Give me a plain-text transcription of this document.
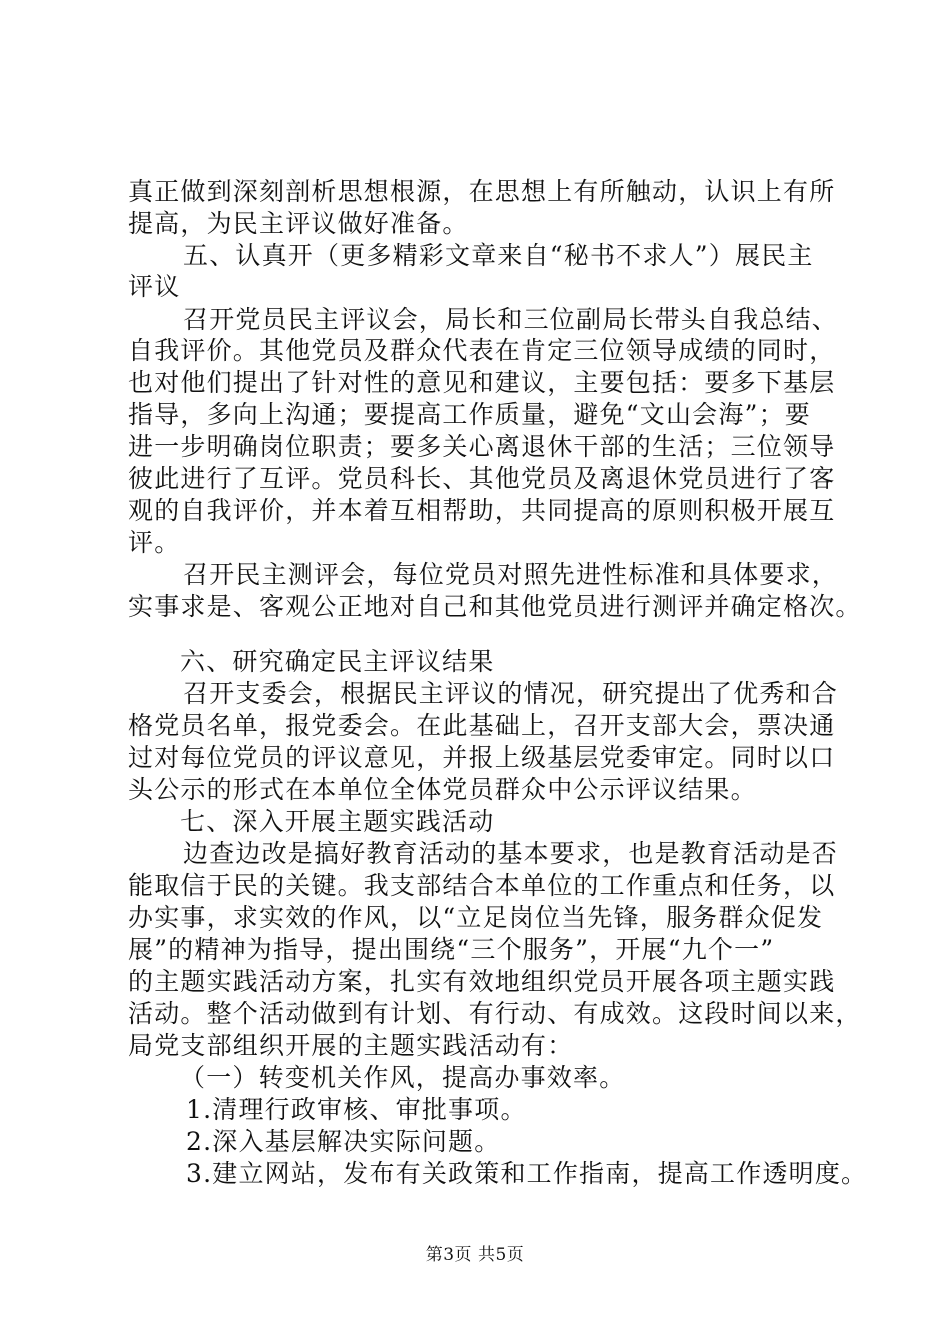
真正做到深刻剖析思想根源，在思想上有所触动，认识上有所
提高，为民主评议做好准备。
五、认真开（更多精彩文章来自“秘书不求人”）展民主
评议
召开党员民主评议会，局长和三位副局长带头自我总结、
自我评价。其他党员及群众代表在肯定三位领导成绩的同时，
也对他们提出了针对性的意见和建议，主要包括：要多下基层
指导，多向上沟通；要提高工作质量，避免“文山会海”；要
进一步明确岗位职责；要多关心离退休干部的生活；三位领导
彼此进行了互评。党员科长、其他党员及离退休党员进行了客
观的自我评价，并本着互相帮助，共同提高的原则积极开展互
评。
召开民主测评会，每位党员对照先进性标准和具体要求，
实事求是、客观公正地对自己和其他党员进行测评并确定格次。
六、研究确定民主评议结果
召开支委会，根据民主评议的情况，研究提出了优秀和合
格党员名单，报党委会。在此基础上，召开支部大会，票决通
过对每位党员的评议意见，并报上级基层党委审定。同时以口
头公示的形式在本单位全体党员群众中公示评议结果。
七、深入开展主题实践活动
边查边改是搞好教育活动的基本要求，也是教育活动是否
能取信于民的关键。我支部结合本单位的工作重点和任务，以
办实事，求实效的作风，以“立足岗位当先锋，服务群众促发
展”的精神为指导，提出围绕“三个服务”，开展“九个一”
的主题实践活动方案，扎实有效地组织党员开展各项主题实践
活动。整个活动做到有计划、有行动、有成效。这段时间以来，
局党支部组织开展的主题实践活动有：
（一）转变机关作风，提高办事效率。
1.清理行政审核、审批事项。
2.深入基层解决实际问题。
3.建立网站，发布有关政策和工作指南，提高工作透明度。
第3页 共5页
